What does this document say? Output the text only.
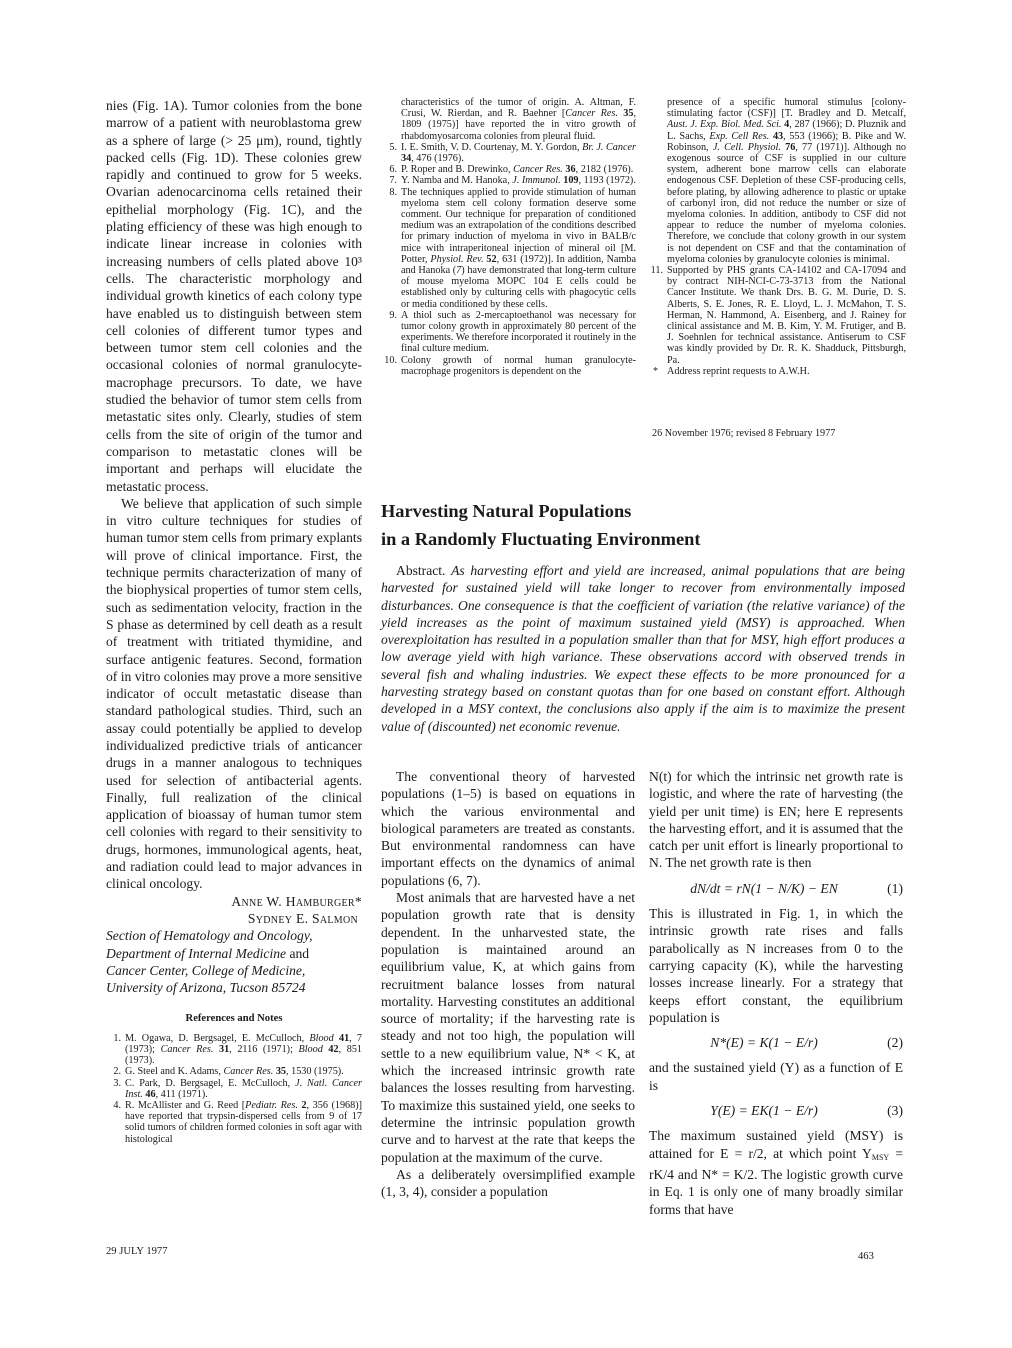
nies (Fig. 1A). Tumor colonies from the bone marrow of a patient with neuroblastoma grew as a sphere of large (> 25 μm), round, tightly packed cells (Fig. 1D). These colonies grew rapidly and continued to grow for 5 weeks. Ovarian adenocarcinoma cells retained their epithelial morphology (Fig. 1C), and the plating efficiency of these was high enough to indicate linear increase in colonies with increasing numbers of cells plated above 10³ cells. The characteristic morphology and individual growth kinetics of each colony type have enabled us to distinguish between stem cell colonies of different tumor types and between tumor stem cell colonies and the occasional colonies of normal granulocyte-macrophage precursors. To date, we have studied the behavior of tumor stem cells from metastatic sites only. Clearly, studies of stem cells from the site of origin of the tumor and comparison to metastatic clones will be important and perhaps will elucidate the metastatic process.

We believe that application of such simple in vitro culture techniques for studies of human tumor stem cells from primary explants will prove of clinical importance. First, the technique permits characterization of many of the biophysical properties of tumor stem cells, such as sedimentation velocity, fraction in the S phase as determined by cell death as a result of treatment with tritiated thymidine, and surface antigenic features. Second, formation of in vitro colonies may prove a more sensitive indicator of occult metastatic disease than standard pathological studies. Third, such an assay could potentially be applied to develop individualized predictive trials of anticancer drugs in a manner analogous to techniques used for selection of antibacterial agents. Finally, full realization of the clinical application of bioassay of human tumor stem cell colonies with regard to their sensitivity to drugs, hormones, immunological agents, heat, and radiation could lead to major advances in clinical oncology.

Anne W. Hamburger*
Sydney E. Salmon
Section of Hematology and Oncology,
Department of Internal Medicine and
Cancer Center, College of Medicine,
University of Arizona, Tucson 85724
References and Notes
1. M. Ogawa, D. Bergsagel, E. McCulloch, Blood 41, 7 (1973); Cancer Res. 31, 2116 (1971); Blood 42, 851 (1973).
2. G. Steel and K. Adams, Cancer Res. 35, 1530 (1975).
3. C. Park, D. Bergsagel, E. McCulloch, J. Natl. Cancer Inst. 46, 411 (1971).
4. R. McAllister and G. Reed [Pediatr. Res. 2, 356 (1968)] have reported that trypsin-dispersed cells from 9 of 17 solid tumors of children formed colonies in soft agar with histological
29 JULY 1977
characteristics of the tumor of origin. A. Altman, F. Crusi, W. Rierdan, and R. Baehner [Cancer Res. 35, 1809 (1975)] have reported the in vitro growth of rhabdomyosarcoma colonies from pleural fluid.
5. I. E. Smith, V. D. Courtenay, M. Y. Gordon, Br. J. Cancer 34, 476 (1976).
6. P. Roper and B. Drewinko, Cancer Res. 36, 2182 (1976).
7. Y. Namba and M. Hanoka, J. Immunol. 109, 1193 (1972).
8. The techniques applied to provide stimulation of human myeloma stem cell colony formation deserve some comment. Our technique for preparation of conditioned medium was an extrapolation of the conditions described for primary induction of myeloma in vivo in BALB/c mice with intraperitoneal injection of mineral oil [M. Potter, Physiol. Rev. 52, 631 (1972)]. In addition, Namba and Hanoka (7) have demonstrated that long-term culture of mouse myeloma MOPC 104 E cells could be established only by culturing cells with phagocytic cells or media conditioned by these cells.
9. A thiol such as 2-mercaptoethanol was necessary for tumor colony growth in approximately 80 percent of the experiments. We therefore incorporated it routinely in the final culture medium.
10. Colony growth of normal human granulocyte-macrophage progenitors is dependent on the
presence of a specific humoral stimulus [colony-stimulating factor (CSF)] [T. Bradley and D. Metcalf, Aust. J. Exp. Biol. Med. Sci. 4, 287 (1966); D. Pluznik and L. Sachs, Exp. Cell Res. 43, 553 (1966); B. Pike and W. Robinson, J. Cell. Physiol. 76, 77 (1971)]. Although no exogenous source of CSF is supplied in our culture system, adherent bone marrow cells can elaborate endogenous CSF. Depletion of these CSF-producing cells, before plating, by allowing adherence to plastic or uptake of carbonyl iron, did not reduce the number or size of myeloma colonies. In addition, antibody to CSF did not appear to reduce the number of myeloma colonies. Therefore, we conclude that colony growth in our system is not dependent on CSF and that the contamination of myeloma colonies by granulocyte colonies is minimal.
11. Supported by PHS grants CA-14102 and CA-17094 and by contract NIH-NCI-C-73-3713 from the National Cancer Institute. We thank Drs. B. G. M. Durie, D. S. Alberts, S. E. Jones, R. E. Lloyd, L. J. McMahon, T. S. Herman, N. Hammond, A. Eisenberg, and J. Rainey for clinical assistance and M. B. Kim, Y. M. Frutiger, and B. J. Soehnlen for technical assistance. Antiserum to CSF was kindly provided by Dr. R. K. Shadduck, Pittsburgh, Pa.
* Address reprint requests to A.W.H.
26 November 1976; revised 8 February 1977
Harvesting Natural Populations
in a Randomly Fluctuating Environment
Abstract. As harvesting effort and yield are increased, animal populations that are being harvested for sustained yield will take longer to recover from environmentally imposed disturbances. One consequence is that the coefficient of variation (the relative variance) of the yield increases as the point of maximum sustained yield (MSY) is approached. When overexploitation has resulted in a population smaller than that for MSY, high effort produces a low average yield with high variance. These observations accord with observed trends in several fish and whaling industries. We expect these effects to be more pronounced for a harvesting strategy based on constant quotas than for one based on constant effort. Although developed in a MSY context, the conclusions also apply if the aim is to maximize the present value of (discounted) net economic revenue.

The conventional theory of harvested populations (1–5) is based on equations in which the various environmental and biological parameters are treated as constants. But environmental randomness can have important effects on the dynamics of animal populations (6, 7).

Most animals that are harvested have a net population growth rate that is density dependent. In the unharvested state, the population is maintained around an equilibrium value, K, at which gains from recruitment balance losses from natural mortality. Harvesting constitutes an additional source of mortality; if the harvesting rate is steady and not too high, the population will settle to a new equilibrium value, N* < K, at which the increased intrinsic growth rate balances the losses resulting from harvesting. To maximize this sustained yield, one seeks to determine the intrinsic population growth curve and to harvest at the rate that keeps the population at the maximum of the curve.

As a deliberately oversimplified example (1, 3, 4), consider a population

N(t) for which the intrinsic net growth rate is logistic, and where the rate of harvesting (the yield per unit time) is EN; here E represents the harvesting effort, and it is assumed that the catch per unit effort is linearly proportional to N. The net growth rate is then

dN/dt = rN(1 − N/K) − EN	(1)

This is illustrated in Fig. 1, in which the intrinsic growth rate rises and falls parabolically as N increases from 0 to the carrying capacity (K), while the harvesting losses increase linearly. For a strategy that keeps effort constant, the equilibrium population is

N*(E) = K(1 − E/r)	(2)

and the sustained yield (Y) as a function of E is

Y(E) = EK(1 − E/r)	(3)

The maximum sustained yield (MSY) is attained for E = r/2, at which point $Y_{MSY} = rK/4$ and N* = K/2. The logistic growth curve in Eq. 1 is only one of many broadly similar forms that have

463
